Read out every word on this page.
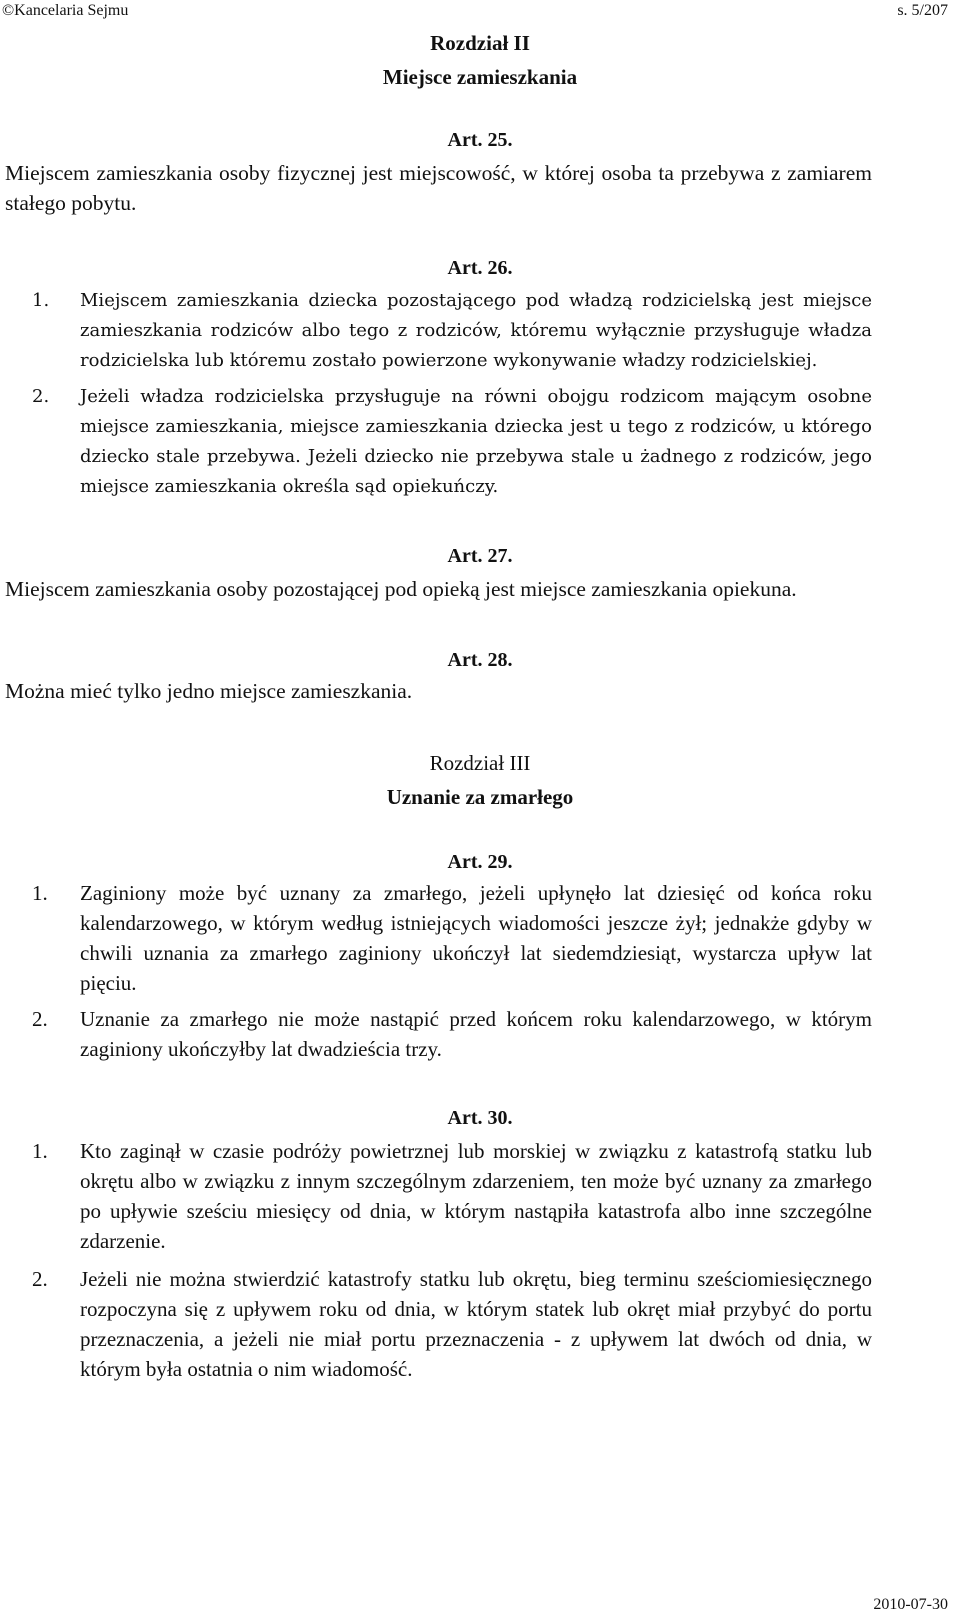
©Kancelaria Sejmu	s. 5/207

Rozdział II

Miejsce zamieszkania

Art. 25.

Miejscem zamieszkania osoby fizycznej jest miejscowość, w której osoba ta przebywa z zamiarem stałego pobytu.

Art. 26.

1. Miejscem zamieszkania dziecka pozostającego pod władzą rodzicielską jest miejsce zamieszkania rodziców albo tego z rodziców, któremu wyłącznie przysługuje władza rodzicielska lub któremu zostało powierzone wykonywanie władzy rodzicielskiej.
2. Jeżeli władza rodzicielska przysługuje na równi obojgu rodzicom mającym osobne miejsce zamieszkania, miejsce zamieszkania dziecka jest u tego z rodziców, u którego dziecko stale przebywa. Jeżeli dziecko nie przebywa stale u żadnego z rodziców, jego miejsce zamieszkania określa sąd opiekuńczy.

Art. 27.

Miejscem zamieszkania osoby pozostającej pod opieką jest miejsce zamieszkania opiekuna.

Art. 28.

Można mieć tylko jedno miejsce zamieszkania.

Rozdział III

Uznanie za zmarłego

Art. 29.

1. Zaginiony może być uznany za zmarłego, jeżeli upłynęło lat dziesięć od końca roku kalendarzowego, w którym według istniejących wiadomości jeszcze żył; jednakże gdyby w chwili uznania za zmarłego zaginiony ukończył lat siedemdziesiąt, wystarcza upływ lat pięciu.
2. Uznanie za zmarłego nie może nastąpić przed końcem roku kalendarzowego, w którym zaginiony ukończyłby lat dwadzieścia trzy.

Art. 30.

1. Kto zaginął w czasie podróży powietrznej lub morskiej w związku z katastrofą statku lub okrętu albo w związku z innym szczególnym zdarzeniem, ten może być uznany za zmarłego po upływie sześciu miesięcy od dnia, w którym nastąpiła katastrofa albo inne szczególne zdarzenie.
2. Jeżeli nie można stwierdzić katastrofy statku lub okrętu, bieg terminu sześciomiesięcznego rozpoczyna się z upływem roku od dnia, w którym statek lub okręt miał przybyć do portu przeznaczenia, a jeżeli nie miał portu przeznaczenia - z upływem lat dwóch od dnia, w którym była ostatnia o nim wiadomość.
2010-07-30
